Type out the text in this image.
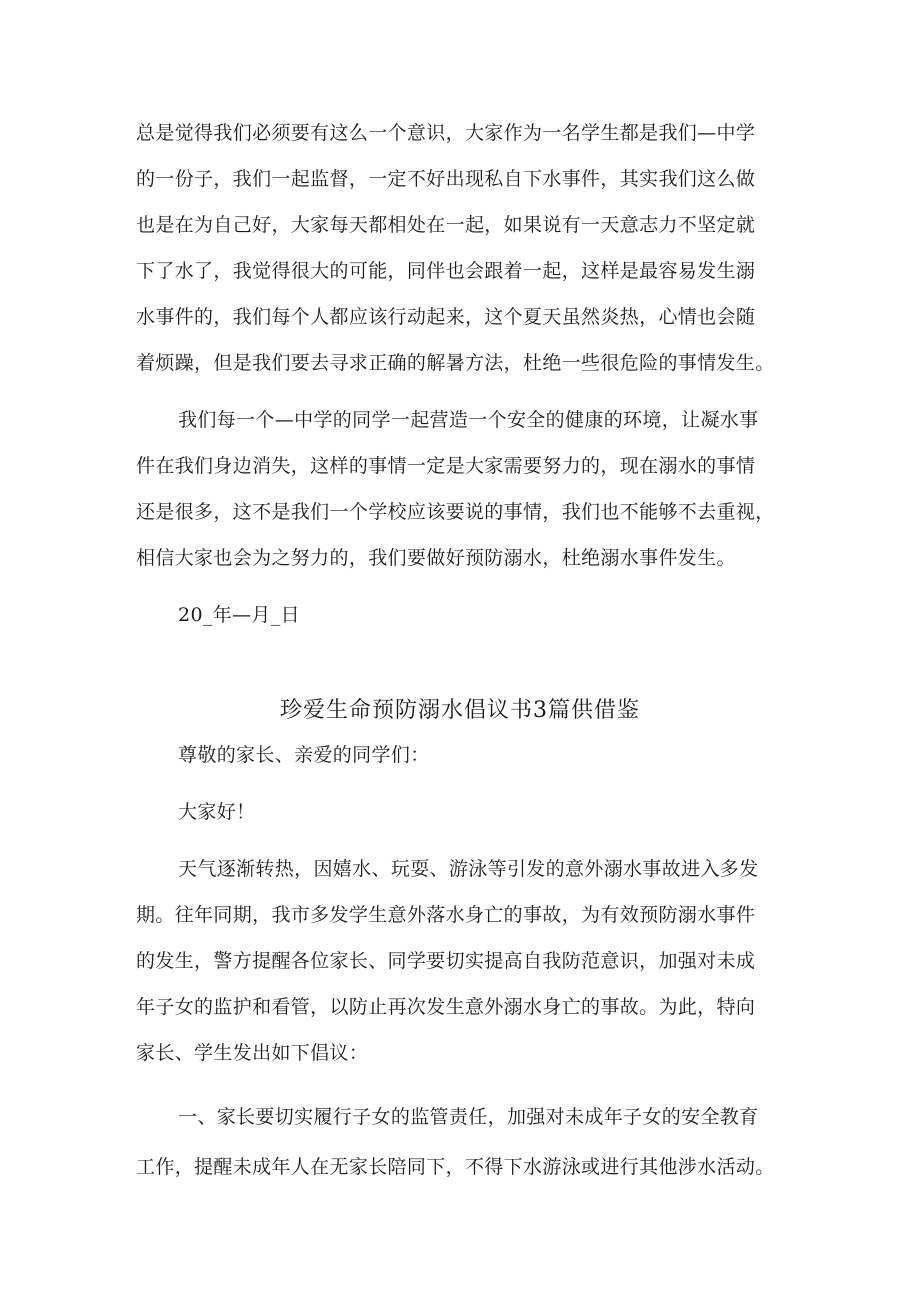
总是觉得我们必须要有这么一个意识，大家作为一名学生都是我们—中学
的一份子，我们一起监督，一定不好出现私自下水事件，其实我们这么做
也是在为自己好，大家每天都相处在一起，如果说有一天意志力不坚定就
下了水了，我觉得很大的可能，同伴也会跟着一起，这样是最容易发生溺
水事件的，我们每个人都应该行动起来，这个夏天虽然炎热，心情也会随
着烦躁，但是我们要去寻求正确的解暑方法，杜绝一些很危险的事情发生。
我们每一个—中学的同学一起营造一个安全的健康的环境，让凝水事
件在我们身边消失，这样的事情一定是大家需要努力的，现在溺水的事情
还是很多，这不是我们一个学校应该要说的事情，我们也不能够不去重视，
相信大家也会为之努力的，我们要做好预防溺水，杜绝溺水事件发生。
20_年—月_日
珍爱生命预防溺水倡议书3篇供借鉴
尊敬的家长、亲爱的同学们：
大家好！
天气逐渐转热，因嬉水、玩耍、游泳等引发的意外溺水事故进入多发
期。往年同期，我市多发学生意外落水身亡的事故，为有效预防溺水事件
的发生，警方提醒各位家长、同学要切实提高自我防范意识，加强对未成
年子女的监护和看管，以防止再次发生意外溺水身亡的事故。为此，特向
家长、学生发出如下倡议：
一、家长要切实履行子女的监管责任，加强对未成年子女的安全教育
工作，提醒未成年人在无家长陪同下，不得下水游泳或进行其他涉水活动。
